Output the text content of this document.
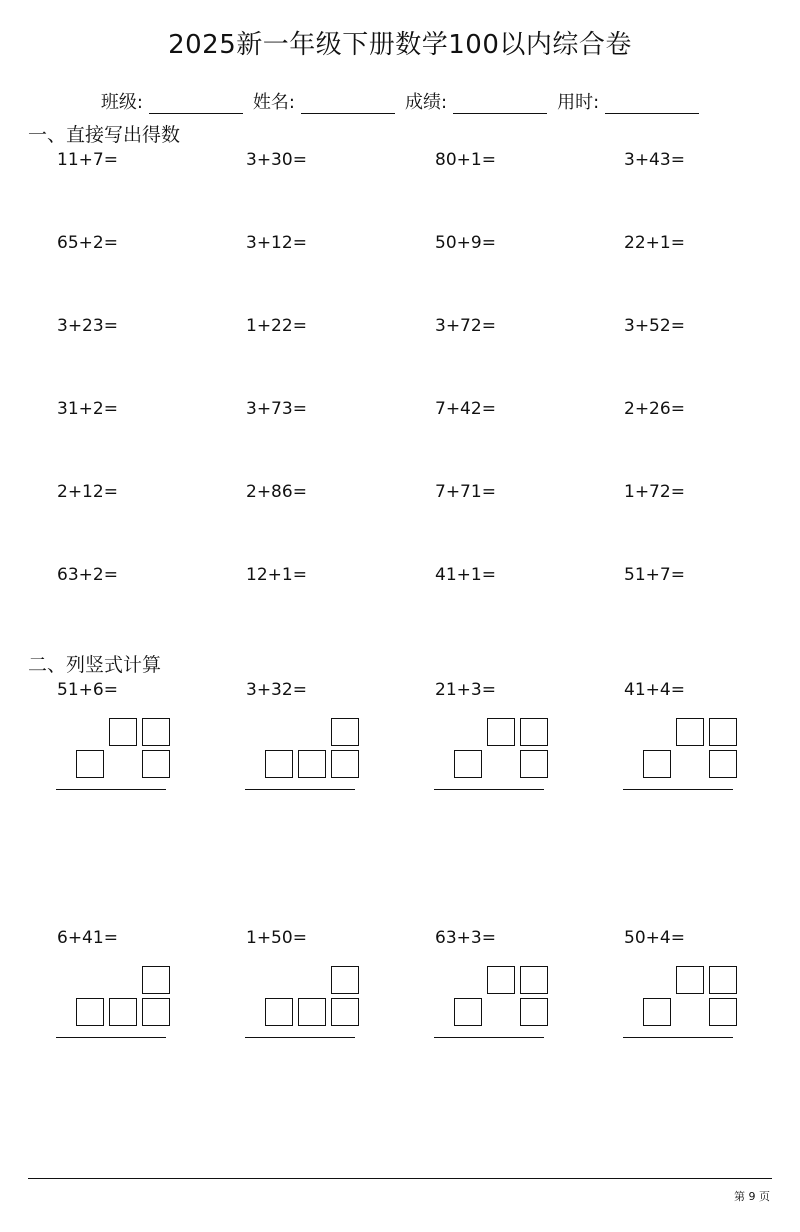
2025新一年级下册数学100以内综合卷
班级:	姓名:	成绩:	用时:
一、直接写出得数
11+7=	3+30=	80+1=	3+43=
65+2=	3+12=	50+9=	22+1=
3+23=	1+22=	3+72=	3+52=
31+2=	3+73=	7+42=	2+26=
2+12=	2+86=	7+71=	1+72=
63+2=	12+1=	41+1=	51+7=
二、列竖式计算
51+6=	3+32=	21+3=	41+4=
6+41=	1+50=	63+3=	50+4=
第 9 页
